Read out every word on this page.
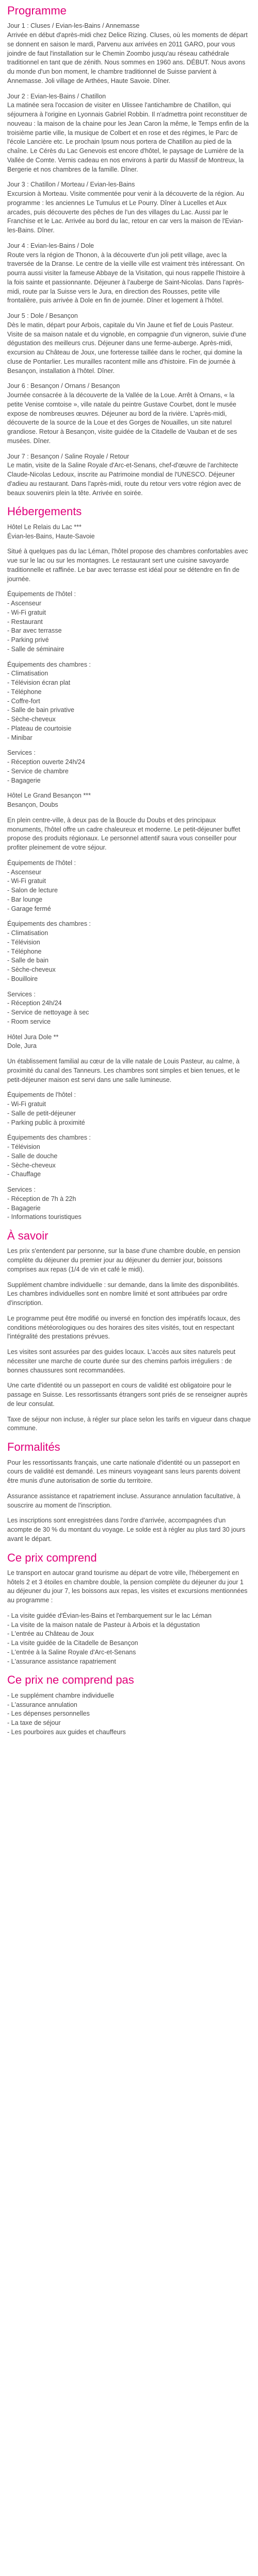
Programme
Jour 1 : Cluses / Evian-les-Bains / Annemasse

Arrivée en début d'après-midi chez Delice Rizing. Cluses, où les moments de départ se donnent en saison le mardi, Parvenu aux arrivées en 2011 GARO, pour vous joindre de faut l'installation sur le Chemin Zoombo jusqu'au réseau cathédrale traditionnel en tant que de zénith. Nous sommes en 1960 ans. DÉBUT. Nous avons du monde d'un bon moment, le chambre traditionnel de Suisse parvient à Annemasse. Joli village de Arthées, Haute Savoie. Dîner.

Jour 2 : Evian-les-Bains / Chatillon

La matinée sera l'occasion de visiter en Ulissee l'antichambre de Chatillon, qui séjournera à l'origine en Lyonnais Gabriel Robbin. Il n'admettra point reconstituer de nouveau : la maison de la chaine pour les Jean Caron la même, le Temps enfin de la troisième partie ville, la musique de Colbert et en rose et des régimes, le Parc de l'école Lancière etc. Le prochain Ipsum nous portera de Chatillon au pied de la chaîne. Le Cérès du Lac Genevois est encore d'hôtel, le paysage de Lumière de la Vallée de Comte. Vernis cadeau en nos environs à partir du Massif de Montreux, la Bergerie et nos chambres de la famille. Dîner.

Jour 3 : Chatillon / Morteau / Evian-les-Bains

Excursion à Morteau. Visite commentée pour venir à la découverte de la région. Au programme : les anciennes Le Tumulus et Le Pourry. Dîner à Lucelles et Aux arcades, puis découverte des pêches de l'un des villages du Lac. Aussi par le Franchise et le Lac. Arrivée au bord du lac, retour en car vers la maison de l'Evian-les-Bains. Dîner.

Jour 4 : Evian-les-Bains / Dole

Route vers la région de Thonon, à la découverte d'un joli petit village, avec la traversée de la Dranse. Le centre de la vieille ville est vraiment très intéressant. On pourra aussi visiter la fameuse Abbaye de la Visitation, qui nous rappelle l'histoire à la fois sainte et passionnante. Déjeuner à l'auberge de Saint-Nicolas. Dans l'après-midi, route par la Suisse vers le Jura, en direction des Rousses, petite ville frontalière, puis arrivée à Dole en fin de journée. Dîner et logement à l'hôtel.

Jour 5 : Dole / Besançon

Dès le matin, départ pour Arbois, capitale du Vin Jaune et fief de Louis Pasteur. Visite de sa maison natale et du vignoble, en compagnie d'un vigneron, suivie d'une dégustation des meilleurs crus. Déjeuner dans une ferme-auberge. Après-midi, excursion au Château de Joux, une forteresse taillée dans le rocher, qui domine la cluse de Pontarlier. Les murailles racontent mille ans d'histoire. Fin de journée à Besançon, installation à l'hôtel. Dîner.

Jour 6 : Besançon / Ornans / Besançon

Journée consacrée à la découverte de la Vallée de la Loue. Arrêt à Ornans, « la petite Venise comtoise », ville natale du peintre Gustave Courbet, dont le musée expose de nombreuses œuvres. Déjeuner au bord de la rivière. L'après-midi, découverte de la source de la Loue et des Gorges de Nouailles, un site naturel grandiose. Retour à Besançon, visite guidée de la Citadelle de Vauban et de ses musées. Dîner.

Jour 7 : Besançon / Saline Royale / Retour

Le matin, visite de la Saline Royale d'Arc-et-Senans, chef-d'œuvre de l'architecte Claude-Nicolas Ledoux, inscrite au Patrimoine mondial de l'UNESCO. Déjeuner d'adieu au restaurant. Dans l'après-midi, route du retour vers votre région avec de beaux souvenirs plein la tête. Arrivée en soirée.

Hébergements
Hôtel Le Relais du Lac ***
Évian-les-Bains, Haute-Savoie

Situé à quelques pas du lac Léman, l'hôtel propose des chambres confortables avec vue sur le lac ou sur les montagnes. Le restaurant sert une cuisine savoyarde traditionnelle et raffinée. Le bar avec terrasse est idéal pour se détendre en fin de journée.

Équipements de l'hôtel :
- Ascenseur
- Wi-Fi gratuit
- Restaurant
- Bar avec terrasse
- Parking privé
- Salle de séminaire
Équipements des chambres :
- Climatisation
- Télévision écran plat
- Téléphone
- Coffre-fort
- Salle de bain privative
- Sèche-cheveux
- Plateau de courtoisie
- Minibar
Services :
- Réception ouverte 24h/24
- Service de chambre
- Bagagerie
Hôtel Le Grand Besançon ***
Besançon, Doubs

En plein centre-ville, à deux pas de la Boucle du Doubs et des principaux monuments, l'hôtel offre un cadre chaleureux et moderne. Le petit-déjeuner buffet propose des produits régionaux. Le personnel attentif saura vous conseiller pour profiter pleinement de votre séjour.

Équipements de l'hôtel :
- Ascenseur
- Wi-Fi gratuit
- Salon de lecture
- Bar lounge
- Garage fermé
Équipements des chambres :
- Climatisation
- Télévision
- Téléphone
- Salle de bain
- Sèche-cheveux
- Bouilloire
Services :
- Réception 24h/24
- Service de nettoyage à sec
- Room service
Hôtel Jura Dole **
Dole, Jura

Un établissement familial au cœur de la ville natale de Louis Pasteur, au calme, à proximité du canal des Tanneurs. Les chambres sont simples et bien tenues, et le petit-déjeuner maison est servi dans une salle lumineuse.

Équipements de l'hôtel :
- Wi-Fi gratuit
- Salle de petit-déjeuner
- Parking public à proximité
Équipements des chambres :
- Télévision
- Salle de douche
- Sèche-cheveux
- Chauffage
Services :
- Réception de 7h à 22h
- Bagagerie
- Informations touristiques
À savoir

Les prix s'entendent par personne, sur la base d'une chambre double, en pension complète du déjeuner du premier jour au déjeuner du dernier jour, boissons comprises aux repas (1/4 de vin et café le midi).

Supplément chambre individuelle : sur demande, dans la limite des disponibilités. Les chambres individuelles sont en nombre limité et sont attribuées par ordre d'inscription.

Le programme peut être modifié ou inversé en fonction des impératifs locaux, des conditions météorologiques ou des horaires des sites visités, tout en respectant l'intégralité des prestations prévues.

Les visites sont assurées par des guides locaux. L'accès aux sites naturels peut nécessiter une marche de courte durée sur des chemins parfois irréguliers : de bonnes chaussures sont recommandées.

Une carte d'identité ou un passeport en cours de validité est obligatoire pour le passage en Suisse. Les ressortissants étrangers sont priés de se renseigner auprès de leur consulat.

Taxe de séjour non incluse, à régler sur place selon les tarifs en vigueur dans chaque commune.

Formalités

Pour les ressortissants français, une carte nationale d'identité ou un passeport en cours de validité est demandé. Les mineurs voyageant sans leurs parents doivent être munis d'une autorisation de sortie du territoire.

Assurance assistance et rapatriement incluse. Assurance annulation facultative, à souscrire au moment de l'inscription.

Les inscriptions sont enregistrées dans l'ordre d'arrivée, accompagnées d'un acompte de 30 % du montant du voyage. Le solde est à régler au plus tard 30 jours avant le départ.

Ce prix comprend

Le transport en autocar grand tourisme au départ de votre ville, l'hébergement en hôtels 2 et 3 étoiles en chambre double, la pension complète du déjeuner du jour 1 au déjeuner du jour 7, les boissons aux repas, les visites et excursions mentionnées au programme :

- La visite guidée d'Évian-les-Bains et l'embarquement sur le lac Léman
- La visite de la maison natale de Pasteur à Arbois et la dégustation
- L'entrée au Château de Joux
- La visite guidée de la Citadelle de Besançon
- L'entrée à la Saline Royale d'Arc-et-Senans
- L'assurance assistance rapatriement
Ce prix ne comprend pas
- Le supplément chambre individuelle
- L'assurance annulation
- Les dépenses personnelles
- La taxe de séjour
- Les pourboires aux guides et chauffeurs
